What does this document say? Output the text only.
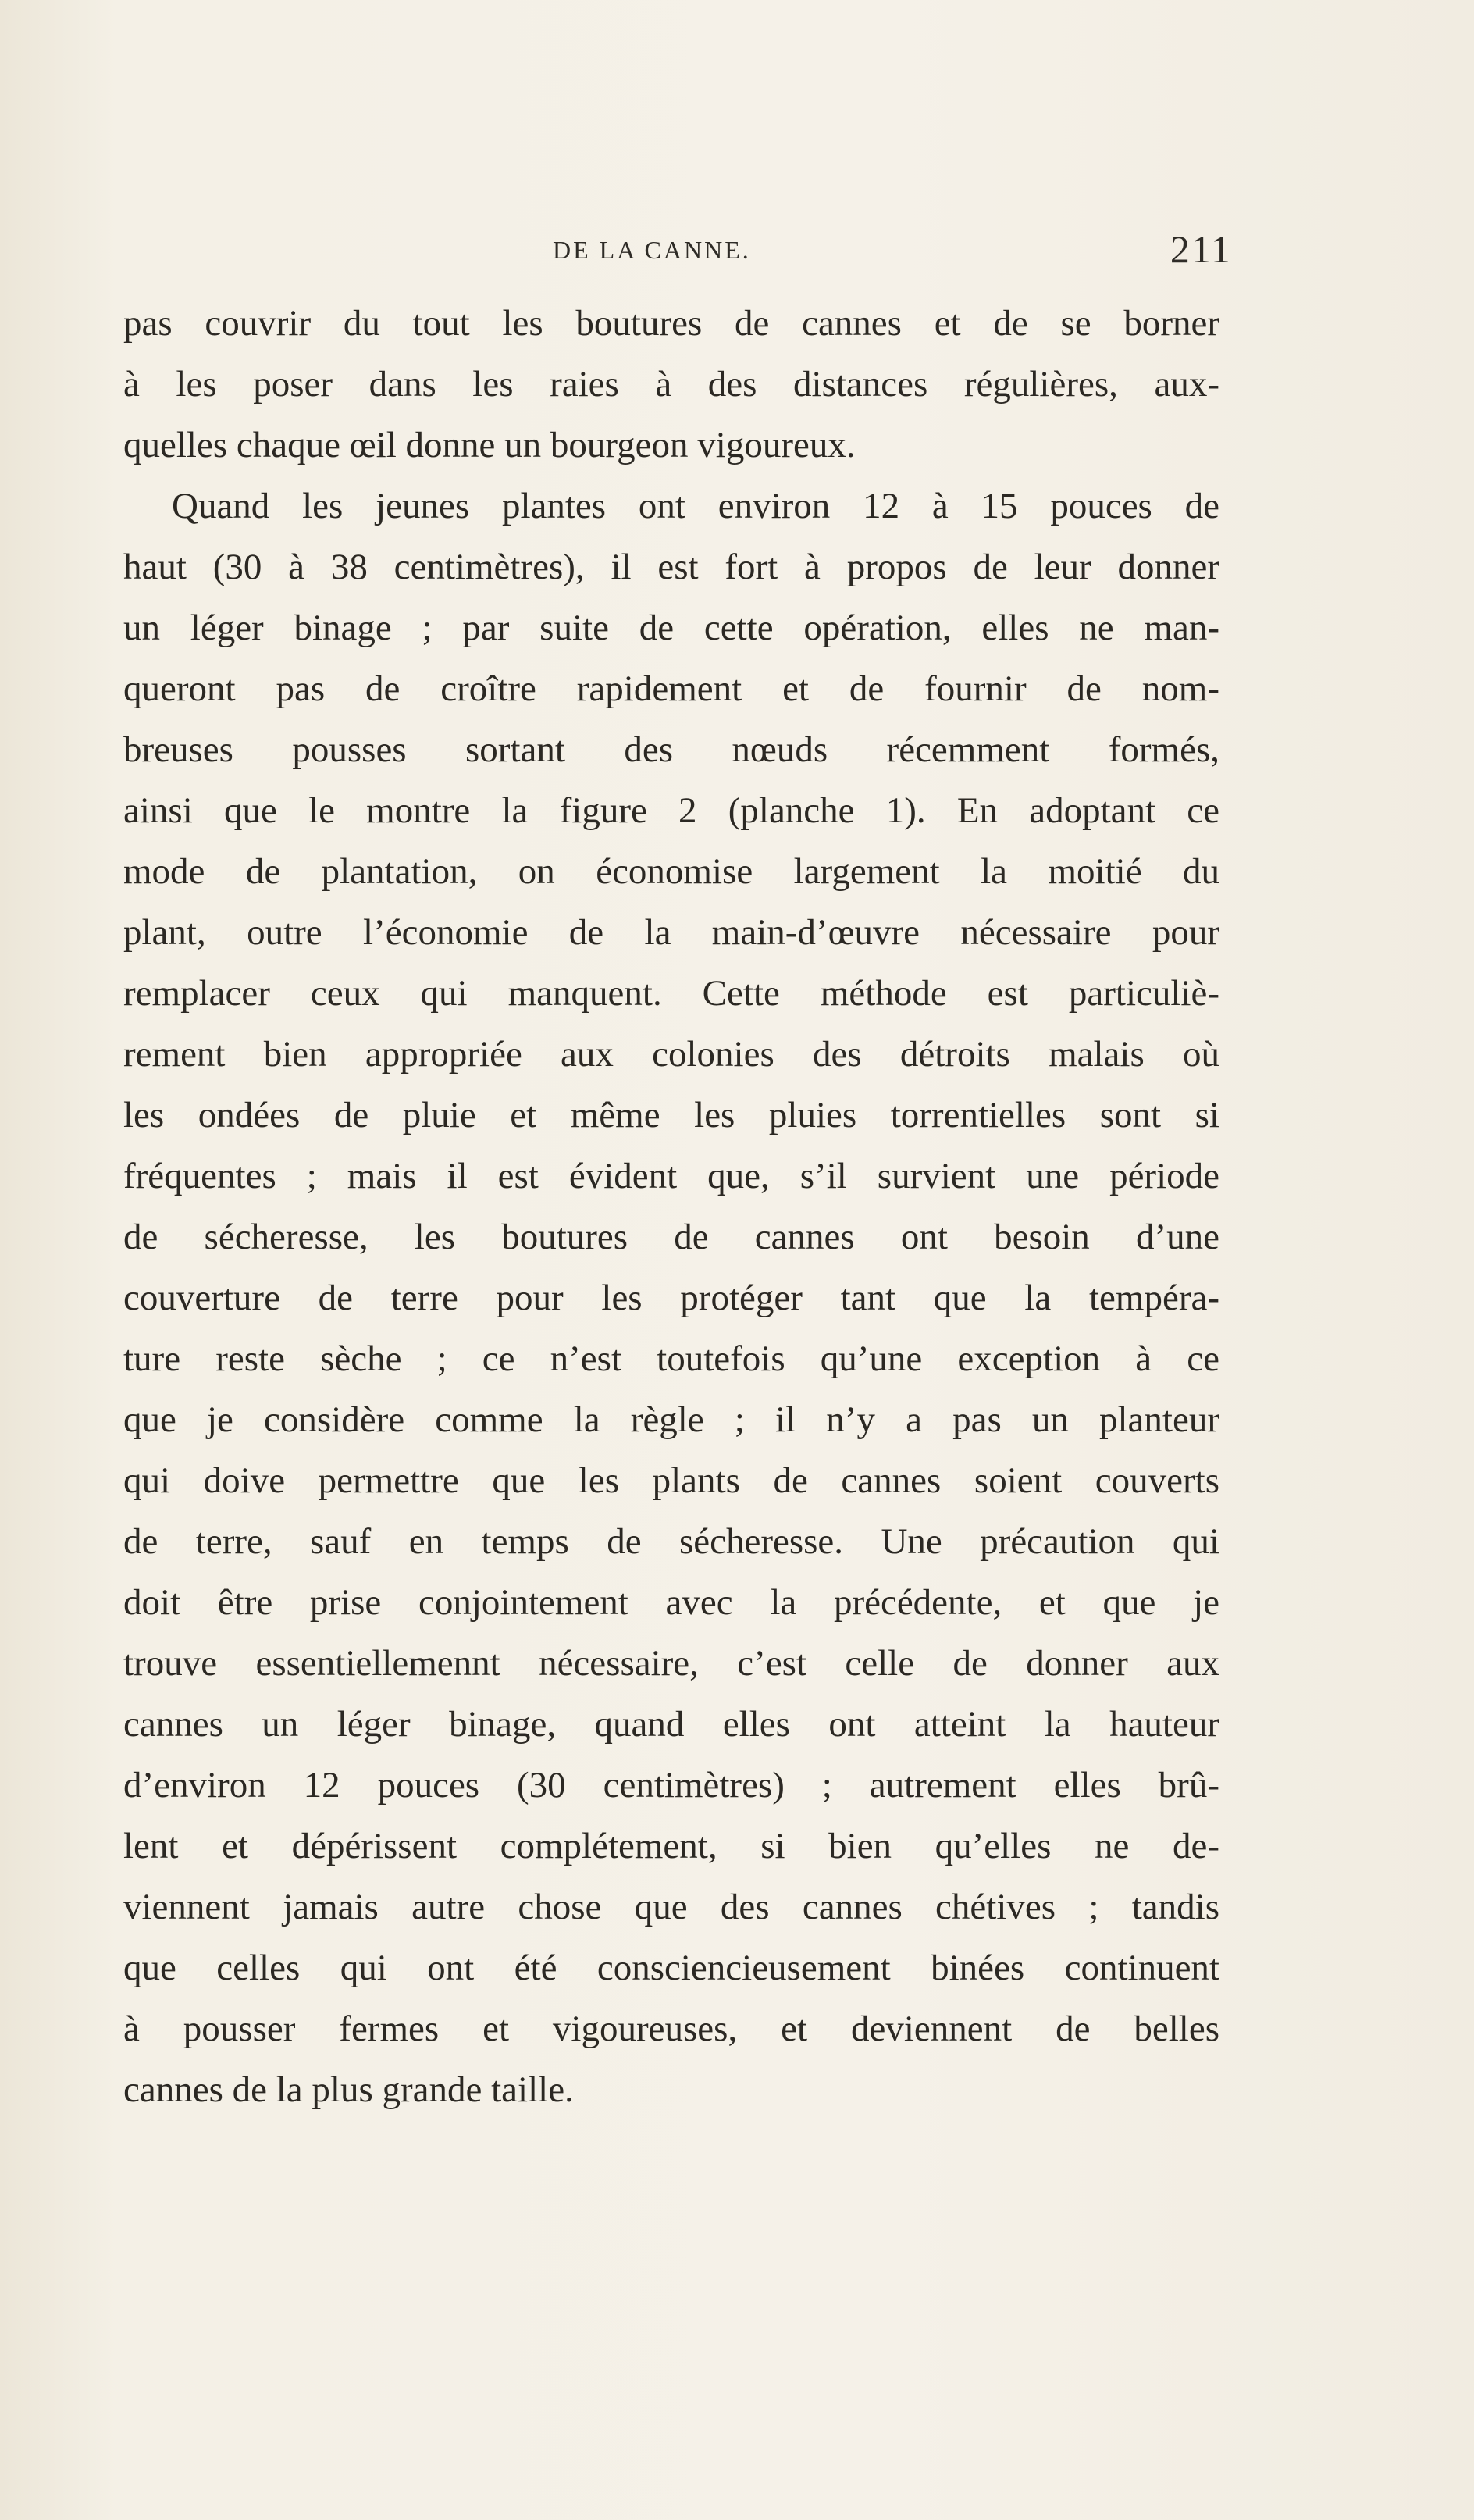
DE LA CANNE.	211
pas couvrir du tout les boutures de cannes et de se borner
à les poser dans les raies à des distances régulières, aux-
quelles chaque œil donne un bourgeon vigoureux.
Quand les jeunes plantes ont environ 12 à 15 pouces de
haut (30 à 38 centimètres), il est fort à propos de leur donner
un léger binage ; par suite de cette opération, elles ne man-
queront pas de croître rapidement et de fournir de nom-
breuses pousses sortant des nœuds récemment formés,
ainsi que le montre la figure 2 (planche 1). En adoptant ce
mode de plantation, on économise largement la moitié du
plant, outre l’économie de la main-d’œuvre nécessaire pour
remplacer ceux qui manquent. Cette méthode est particuliè-
rement bien appropriée aux colonies des détroits malais où
les ondées de pluie et même les pluies torrentielles sont si
fréquentes ; mais il est évident que, s’il survient une période
de sécheresse, les boutures de cannes ont besoin d’une
couverture de terre pour les protéger tant que la tempéra-
ture reste sèche ; ce n’est toutefois qu’une exception à ce
que je considère comme la règle ; il n’y a pas un planteur
qui doive permettre que les plants de cannes soient couverts
de terre, sauf en temps de sécheresse. Une précaution qui
doit être prise conjointement avec la précédente, et que je
trouve essentiellemennt nécessaire, c’est celle de donner aux
cannes un léger binage, quand elles ont atteint la hauteur
d’environ 12 pouces (30 centimètres) ; autrement elles brû-
lent et dépérissent complétement, si bien qu’elles ne de-
viennent jamais autre chose que des cannes chétives ; tandis
que celles qui ont été consciencieusement binées continuent
à pousser fermes et vigoureuses, et deviennent de belles
cannes de la plus grande taille.
